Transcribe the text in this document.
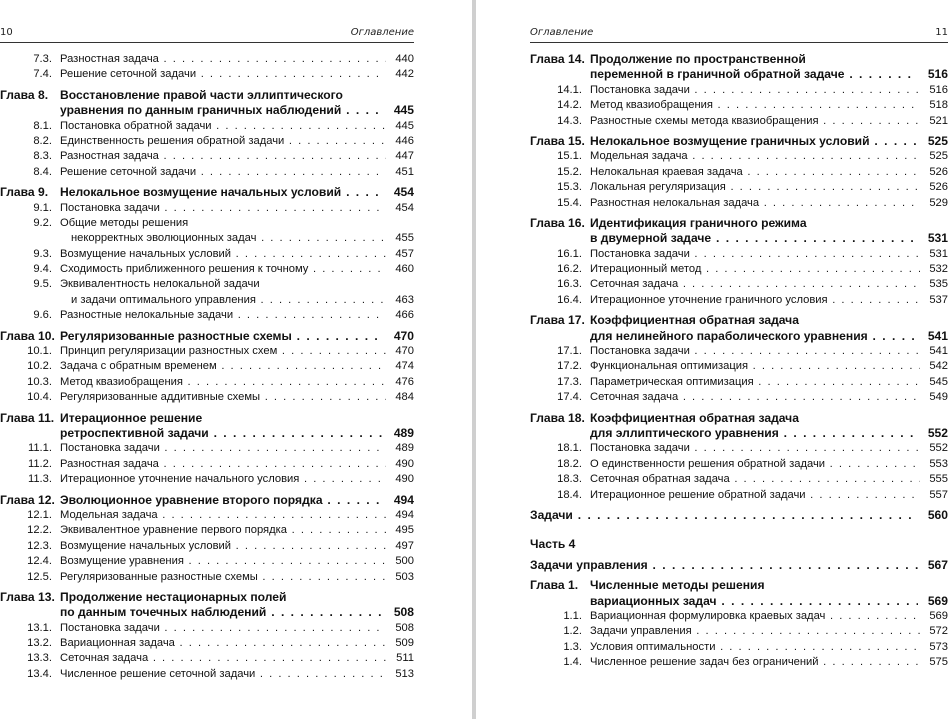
10	Оглавление
7.3. Разностная задача . . .	440
7.4. Решение сеточной задачи . . .	442
Глава 8. Восстановление правой части эллиптического
уравнения по данным граничных наблюдений . . .	445
8.1. Постановка обратной задачи . . .	445
8.2. Единственность решения обратной задачи . . .	446
8.3. Разностная задача . . .	447
8.4. Решение сеточной задачи . . .	451
Глава 9. Нелокальное возмущение начальных условий . . .	454
9.1. Постановка задачи . . .	454
9.2. Общие методы решения
некорректных эволюционных задач . . .	455
9.3. Возмущение начальных условий . . .	457
9.4. Сходимость приближенного решения к точному . . .	460
9.5. Эквивалентность нелокальной задачи
и задачи оптимального управления . . .	463
9.6. Разностные нелокальные задачи . . .	466
Глава 10. Регуляризованные разностные схемы . . .	470
10.1. Принцип регуляризации разностных схем . . .	470
10.2. Задача с обратным временем . . .	474
10.3. Метод квазиобращения . . .	476
10.4. Регуляризованные аддитивные схемы . . .	484
Глава 11. Итерационное решение
ретроспективной задачи . . .	489
11.1. Постановка задачи . . .	489
11.2. Разностная задача . . .	490
11.3. Итерационное уточнение начального условия . . .	490
Глава 12. Эволюционное уравнение второго порядка . . .	494
12.1. Модельная задача . . .	494
12.2. Эквивалентное уравнение первого порядка . . .	495
12.3. Возмущение начальных условий . . .	497
12.4. Возмущение уравнения . . .	500
12.5. Регуляризованные разностные схемы . . .	503
Глава 13. Продолжение нестационарных полей
по данным точечных наблюдений . . .	508
13.1. Постановка задачи . . .	508
13.2. Вариационная задача . . .	509
13.3. Сеточная задача . . .	511
13.4. Численное решение сеточной задачи . . .	513
Оглавление	11
Глава 14. Продолжение по пространственной
переменной в граничной обратной задаче . . .	516
14.1. Постановка задачи . . .	516
14.2. Метод квазиобращения . . .	518
14.3. Разностные схемы метода квазиобращения . . .	521
Глава 15. Нелокальное возмущение граничных условий . . .	525
15.1. Модельная задача . . .	525
15.2. Нелокальная краевая задача . . .	526
15.3. Локальная регуляризация . . .	526
15.4. Разностная нелокальная задача . . .	529
Глава 16. Идентификация граничного режима
в двумерной задаче . . .	531
16.1. Постановка задачи . . .	531
16.2. Итерационный метод . . .	532
16.3. Сеточная задача . . .	535
16.4. Итерационное уточнение граничного условия . . .	537
Глава 17. Коэффициентная обратная задача
для нелинейного параболического уравнения . . .	541
17.1. Постановка задачи . . .	541
17.2. Функциональная оптимизация . . .	542
17.3. Параметрическая оптимизация . . .	545
17.4. Сеточная задача . . .	549
Глава 18. Коэффициентная обратная задача
для эллиптического уравнения . . .	552
18.1. Постановка задачи . . .	552
18.2. О единственности решения обратной задачи . . .	553
18.3. Сеточная обратная задача . . .	555
18.4. Итерационное решение обратной задачи . . .	557
Задачи . . .	560
Часть 4
Задачи управления . . .	567
Глава 1. Численные методы решения
вариационных задач . . .	569
1.1. Вариационная формулировка краевых задач . . .	569
1.2. Задачи управления . . .	572
1.3. Условия оптимальности . . .	573
1.4. Численное решение задач без ограничений . . .	575
